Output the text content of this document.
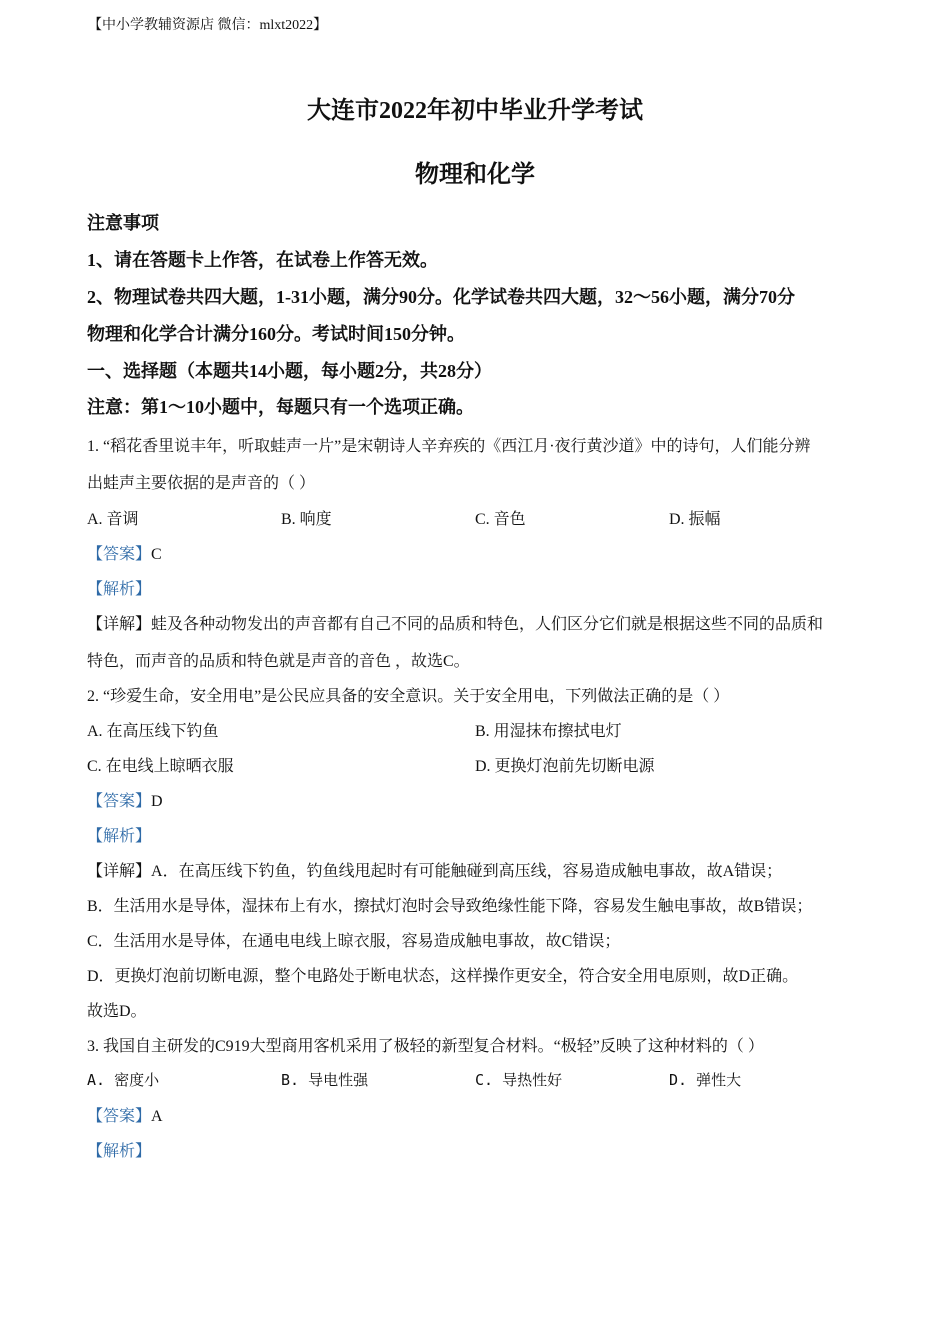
【中小学教辅资源店 微信：mlxt2022】
大连市2022年初中毕业升学考试
物理和化学
注意事项
1、请在答题卡上作答，在试卷上作答无效。
2、物理试卷共四大题，1-31小题，满分90分。化学试卷共四大题，32～56小题，满分70分
物理和化学合计满分160分。考试时间150分钟。
一、选择题（本题共14小题，每小题2分，共28分）
注意：第1～10小题中，每题只有一个选项正确。
1. “稻花香里说丰年，听取蛙声一片”是宋朝诗人辛弃疾的《西江月·夜行黄沙道》中的诗句，人们能分辨
出蛙声主要依据的是声音的（ ）
A. 音调	B. 响度	C. 音色	D. 振幅
【答案】C
【解析】
【详解】蛙及各种动物发出的声音都有自己不同的品质和特色，人们区分它们就是根据这些不同的品质和
特色，而声音的品质和特色就是声音的音色 ，故选C。
2. “珍爱生命，安全用电”是公民应具备的安全意识。关于安全用电，下列做法正确的是（ ）
A. 在高压线下钓鱼	B. 用湿抹布擦拭电灯
C. 在电线上晾晒衣服	D. 更换灯泡前先切断电源
【答案】D
【解析】
【详解】A．在高压线下钓鱼，钓鱼线甩起时有可能触碰到高压线，容易造成触电事故，故A错误；
B．生活用水是导体，湿抹布上有水，擦拭灯泡时会导致绝缘性能下降，容易发生触电事故，故B错误；
C．生活用水是导体，在通电电线上晾衣服，容易造成触电事故，故C错误；
D．更换灯泡前切断电源，整个电路处于断电状态，这样操作更安全，符合安全用电原则，故D正确。
故选D。
3. 我国自主研发的C919大型商用客机采用了极轻的新型复合材料。“极轻”反映了这种材料的（ ）
A. 密度小	B. 导电性强	C. 导热性好	D. 弹性大
【答案】A
【解析】
